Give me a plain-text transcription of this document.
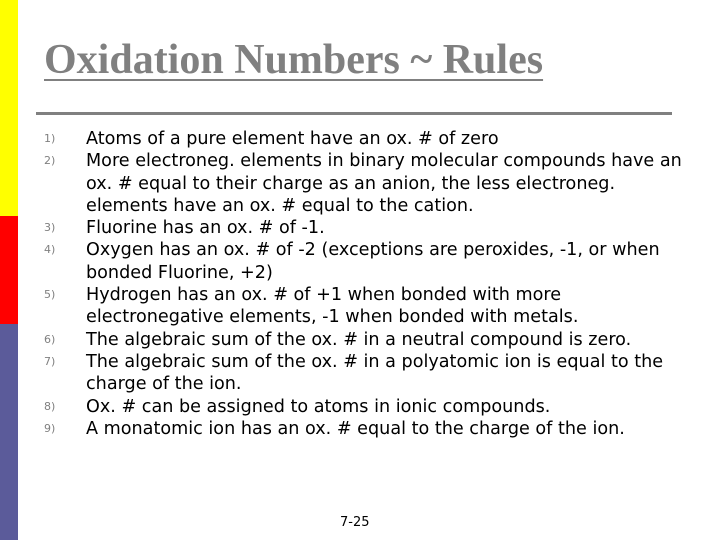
Oxidation Numbers ~ Rules
1) Atoms of a pure element have an ox. # of zero
2) More electroneg. elements in binary molecular compounds have an ox. # equal to their charge as an anion, the less electroneg. elements have an ox. # equal to the cation.
3) Fluorine has an ox. # of -1.
4) Oxygen has an ox. # of -2 (exceptions are peroxides, -1, or when bonded Fluorine, +2)
5) Hydrogen has an ox. # of +1 when bonded with more electronegative elements, -1 when bonded with metals.
6) The algebraic sum of the ox. # in a neutral compound is zero.
7) The algebraic sum of the ox. # in a polyatomic ion is equal to the charge of the ion.
8) Ox. # can be assigned to atoms in ionic compounds.
9) A monatomic ion has an ox. # equal to the charge of the ion.
7-25
